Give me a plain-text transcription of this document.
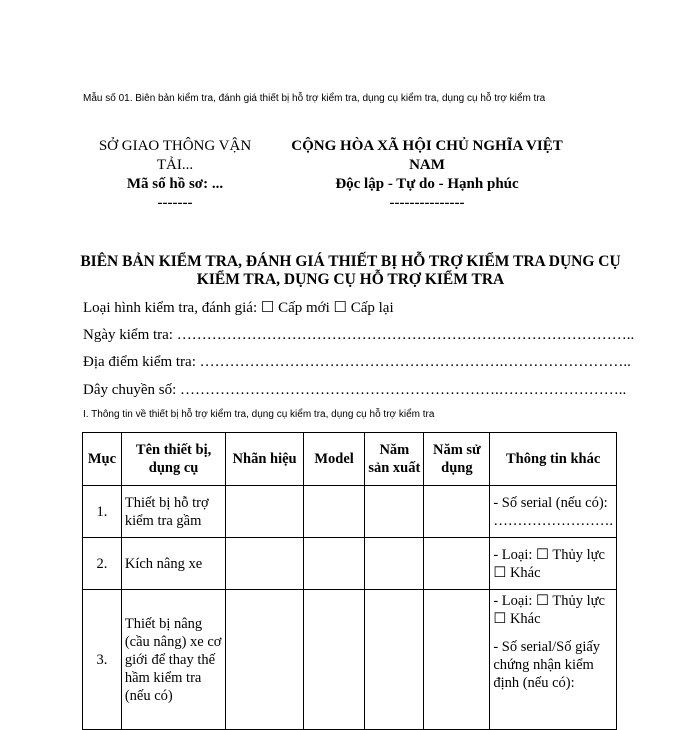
Mẫu số 01. Biên bản kiểm tra, đánh giá thiết bị hỗ trợ kiểm tra, dụng cụ kiểm tra, dụng cụ hỗ trợ kiểm tra
SỞ GIAO THÔNG VẬN
TẢI...
Mã số hồ sơ: ...
-------
CỘNG HÒA XÃ HỘI CHỦ NGHĨA VIỆT
NAM
Độc lập - Tự do - Hạnh phúc
---------------
BIÊN BẢN KIỂM TRA, ĐÁNH GIÁ THIẾT BỊ HỖ TRỢ KIỂM TRA DỤNG CỤ
KIỂM TRA, DỤNG CỤ HỖ TRỢ KIỂM TRA
Loại hình kiểm tra, đánh giá: ☐ Cấp mới ☐ Cấp lại
Ngày kiểm tra: ………………………………………………………………………………..
Địa điểm kiểm tra: …………………………………………………….……………………..
Dây chuyền số: ……………………………………………………….……………………..
I. Thông tin về thiết bị hỗ trợ kiểm tra, dụng cụ kiểm tra, dụng cụ hỗ trợ kiểm tra
Mục	Tên thiết bị, dụng cụ	Nhãn hiệu	Model	Năm sản xuất	Năm sử dụng	Thông tin khác
1.	Thiết bị hỗ trợ kiểm tra gầm					- Số serial (nếu có):
…………………….

2.	Kích nâng xe					- Loại: ☐ Thủy lực ☐ Khác

3.	Thiết bị nâng (cầu nâng) xe cơ giới để thay thế hầm kiểm tra (nếu có)					- Loại: ☐ Thủy lực ☐ Khác
- Số serial/Số giấy chứng nhận kiểm định (nếu có):
